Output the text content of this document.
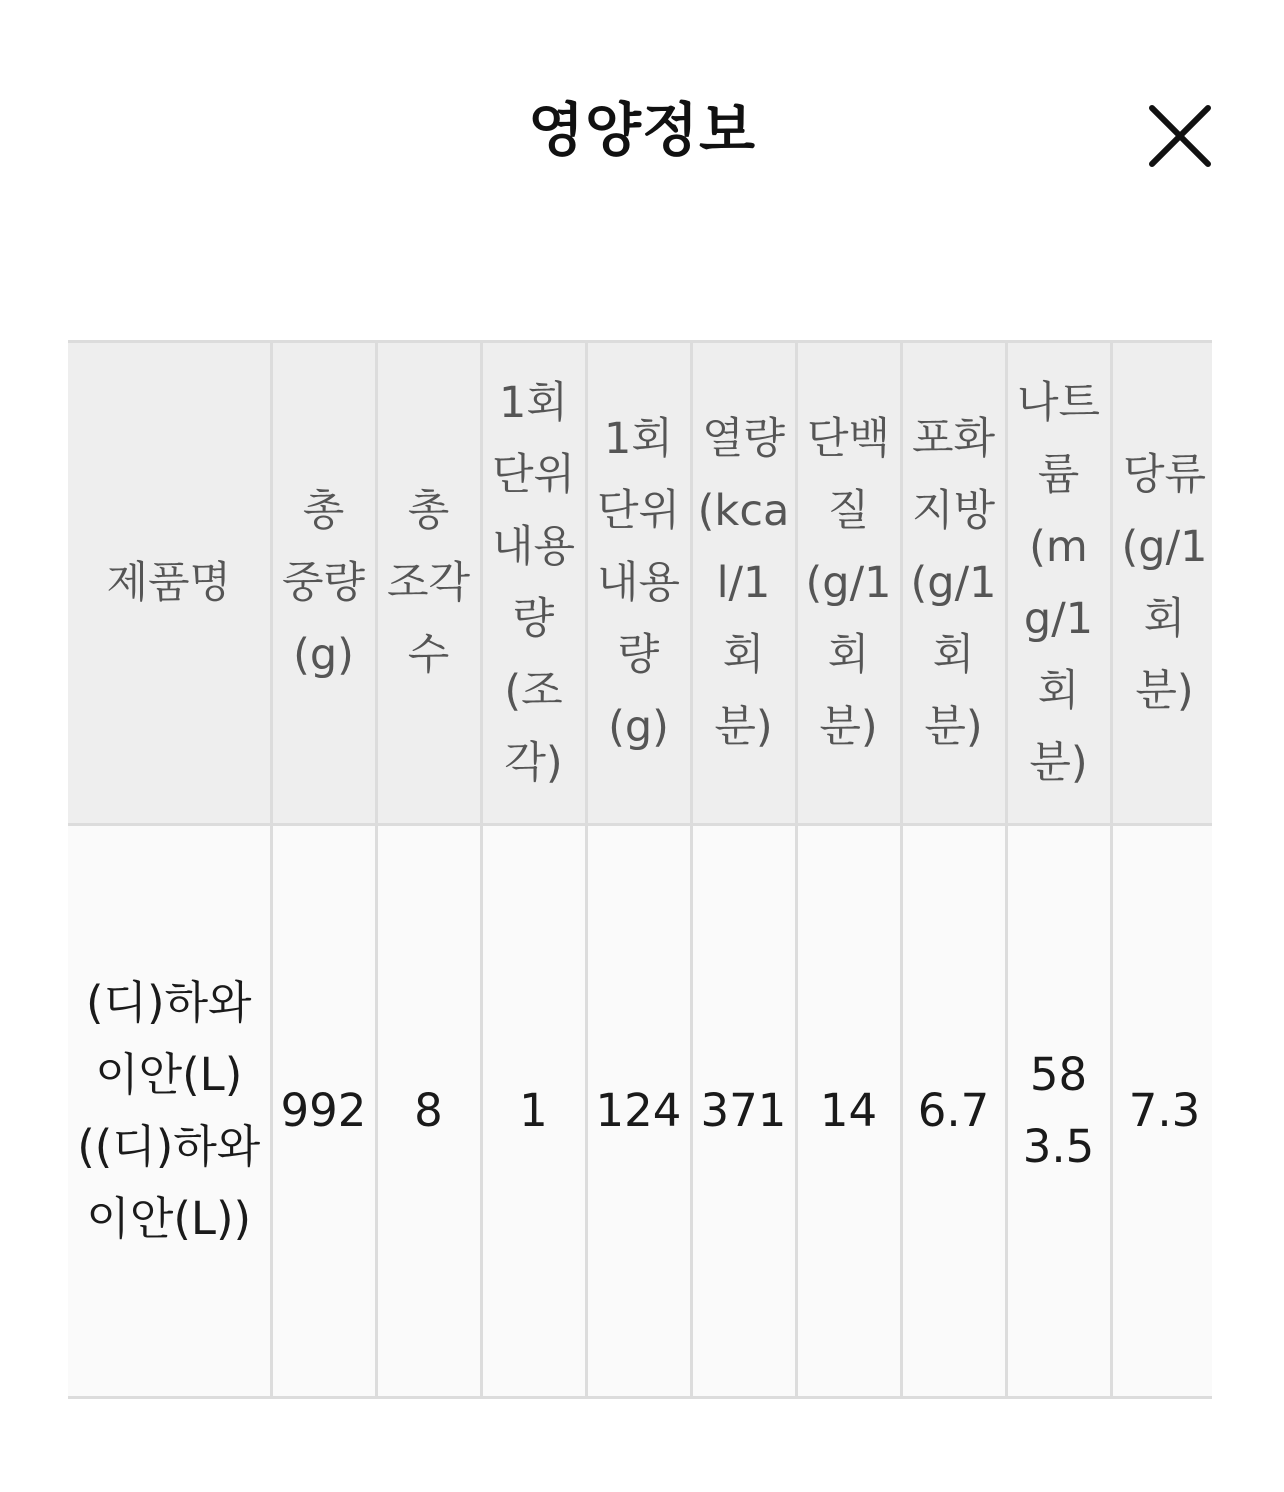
영양정보
제품명	총 중량(g)	총 조각수	1회 단위 내용량(조각)	1회 단위 내용량(g)	열량(kcal/1회분)	단백질(g/1회분)	포화지방(g/1회분)	나트륨(mg/1회분)	당류(g/1회분)

(디)하와이안(L)((디)하와이안(L))	992	8	1	124	371	14	6.7	583.5	7.3
